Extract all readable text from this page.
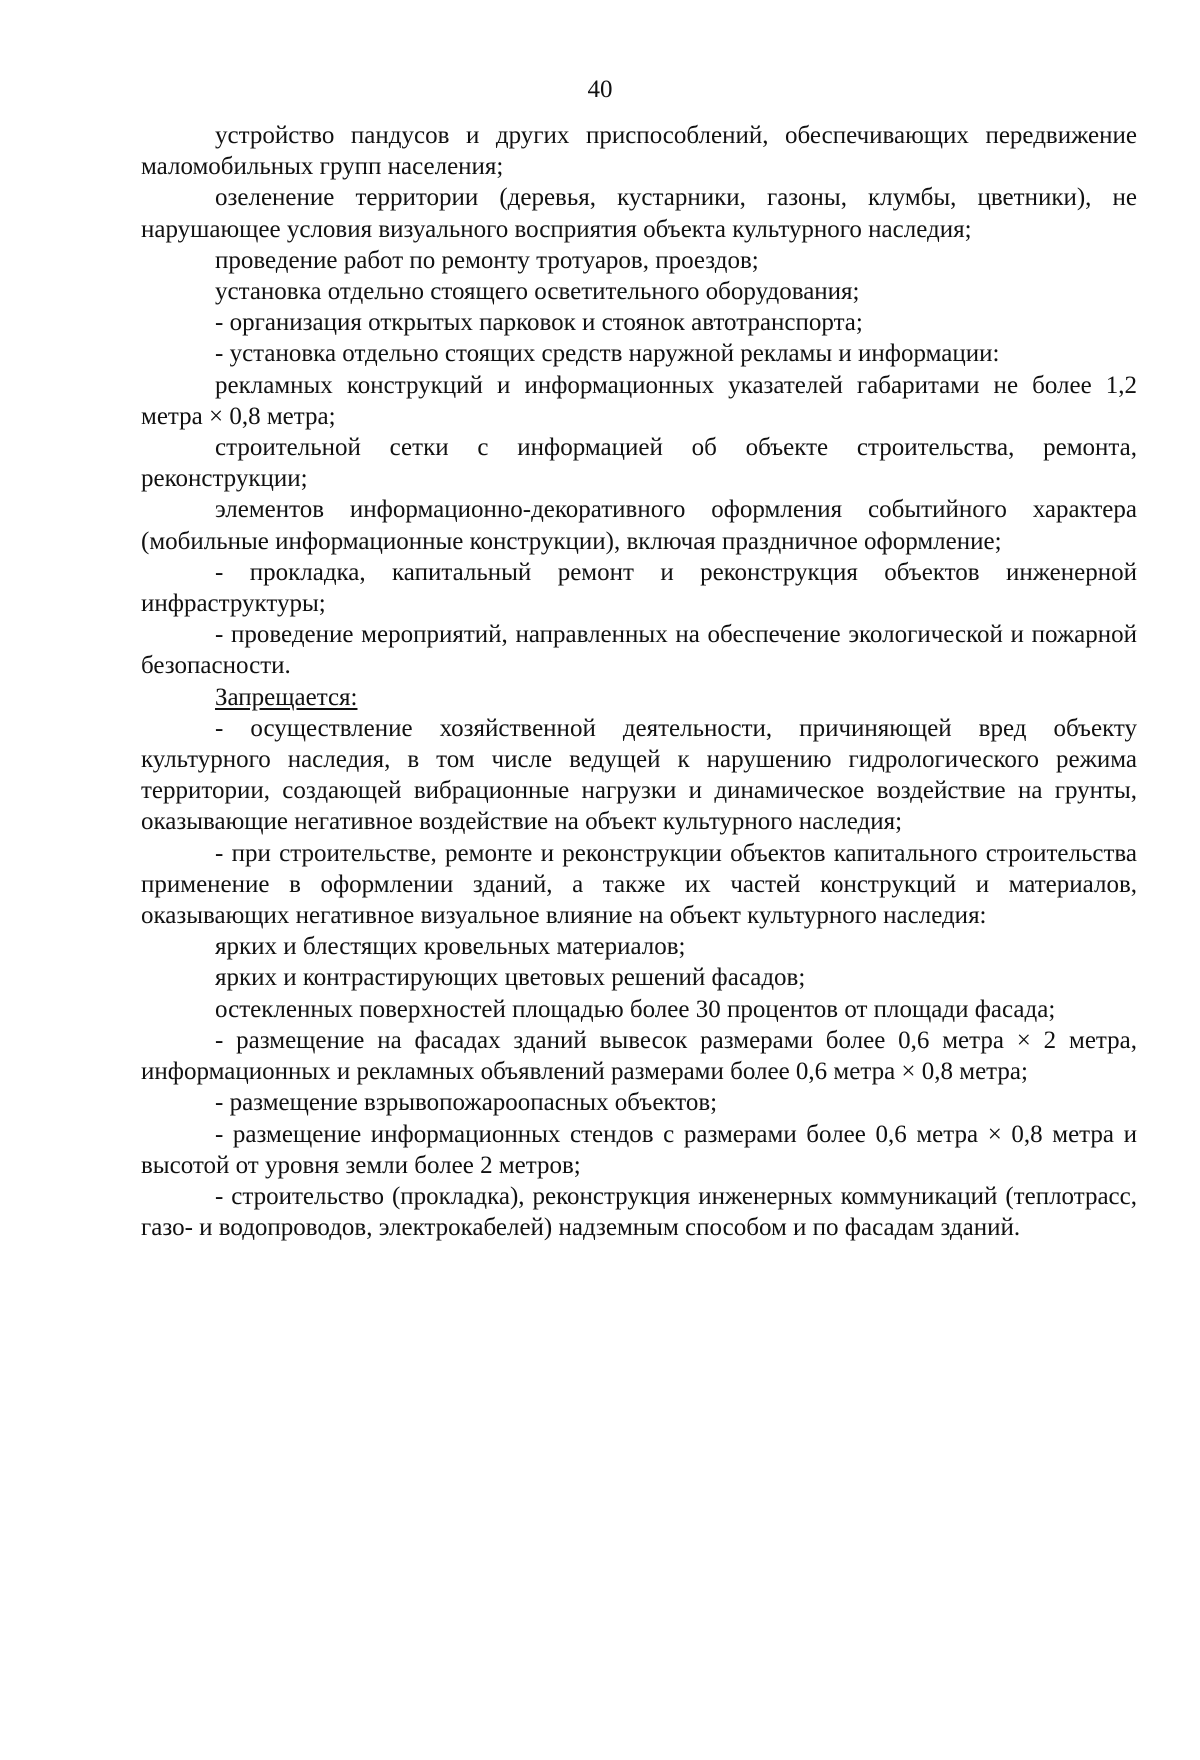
40

устройство пандусов и других приспособлений, обеспечивающих передвижение маломобильных групп населения;

озеленение территории (деревья, кустарники, газоны, клумбы, цветники), не нарушающее условия визуального восприятия объекта культурного наследия;

проведение работ по ремонту тротуаров, проездов;

установка отдельно стоящего осветительного оборудования;

- организация открытых парковок и стоянок автотранспорта;

- установка отдельно стоящих средств наружной рекламы и информации:

рекламных конструкций и информационных указателей габаритами не более 1,2 метра × 0,8 метра;

строительной сетки с информацией об объекте строительства, ремонта, реконструкции;

элементов информационно-декоративного оформления событийного характера (мобильные информационные конструкции), включая праздничное оформление;

- прокладка, капитальный ремонт и реконструкция объектов инженерной инфраструктуры;

- проведение мероприятий, направленных на обеспечение экологической и пожарной безопасности.

Запрещается:

- осуществление хозяйственной деятельности, причиняющей вред объекту культурного наследия, в том числе ведущей к нарушению гидрологического режима территории, создающей вибрационные нагрузки и динамическое воздействие на грунты, оказывающие негативное воздействие на объект культурного наследия;

- при строительстве, ремонте и реконструкции объектов капитального строительства применение в оформлении зданий, а также их частей конструкций и материалов, оказывающих негативное визуальное влияние на объект культурного наследия:

ярких и блестящих кровельных материалов;

ярких и контрастирующих цветовых решений фасадов;

остекленных поверхностей площадью более 30 процентов от площади фасада;

- размещение на фасадах зданий вывесок размерами более 0,6 метра × 2 метра, информационных и рекламных объявлений размерами более 0,6 метра × 0,8 метра;

- размещение взрывопожароопасных объектов;

- размещение информационных стендов с размерами более 0,6 метра × 0,8 метра и высотой от уровня земли более 2 метров;

- строительство (прокладка), реконструкция инженерных коммуникаций (теплотрасс, газо- и водопроводов, электрокабелей) надземным способом и по фасадам зданий.
